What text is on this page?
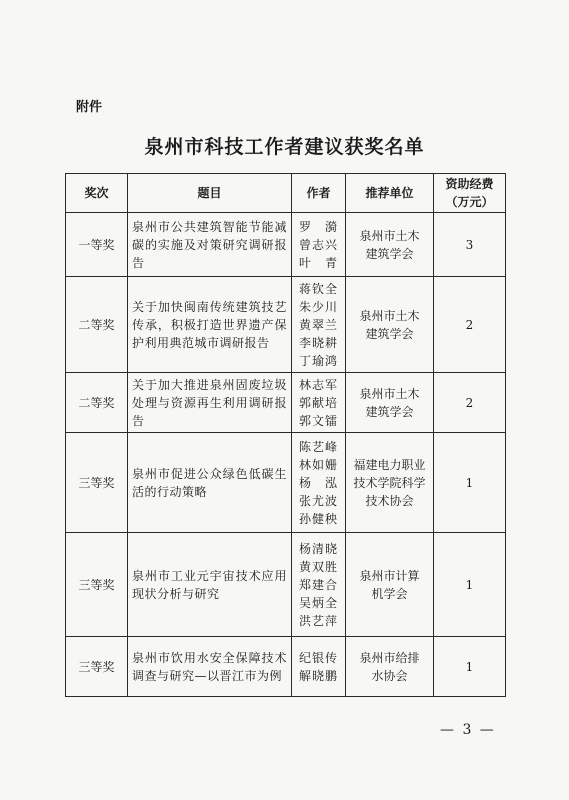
附件
泉州市科技工作者建议获奖名单
奖次	题目	作者	推荐单位	资助经费
（万元）

一等奖	泉州市公共建筑智能节能减碳的实施及对策研究调研报告	罗　漪
曾志兴
叶　青	泉州市土木
建筑学会	3
二等奖	关于加快闽南传统建筑技艺传承，积极打造世界遗产保护利用典范城市调研报告	蒋钦全
朱少川
黄翠兰
李晓耕
丁瑜鸿	泉州市土木
建筑学会	2
二等奖	关于加大推进泉州固废垃圾处理与资源再生利用调研报告	林志军
郭献培
郭文镭	泉州市土木
建筑学会	2
三等奖	泉州市促进公众绿色低碳生活的行动策略	陈艺峰
林如姗
杨　泓
张尤波
孙健秧	福建电力职业
技术学院科学
技术协会	1
三等奖	泉州市工业元宇宙技术应用现状分析与研究	杨清晓
黄双胜
郑建合
吴炳全
洪艺萍	泉州市计算
机学会	1
三等奖	泉州市饮用水安全保障技术调查与研究—以晋江市为例	纪银传
解晓鹏	泉州市给排
水协会	1
— 3 —
